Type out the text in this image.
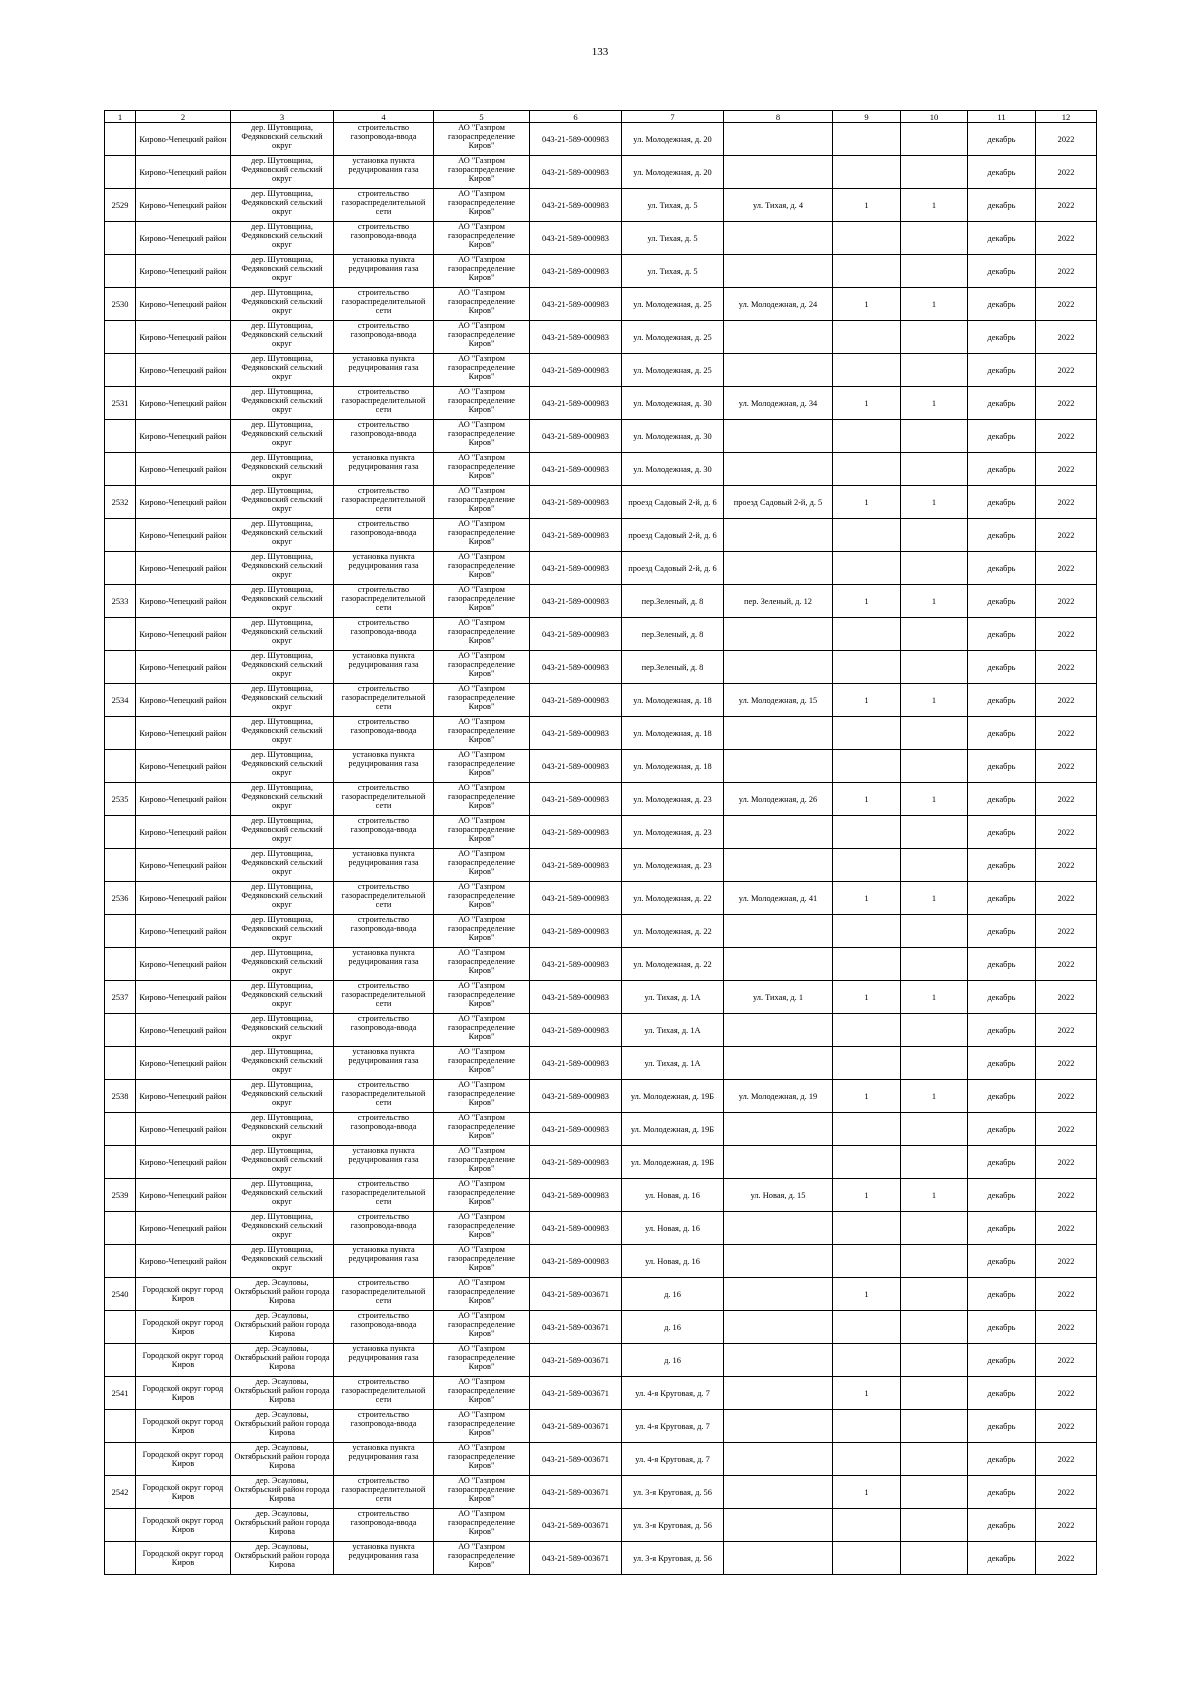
133
1	2	3	4	5	6	7	8	9	10	11	12

	Кирово-Чепецкий район	дер. Шутовщина, Федяковский сельский округ	строительство газопровода-ввода	АО "Газпром газораспределение Киров"	043-21-589-000983	ул. Молодежная, д. 20				декабрь	2022

	Кирово-Чепецкий район	дер. Шутовщина, Федяковский сельский округ	установка пункта редуцирования газа	АО "Газпром газораспределение Киров"	043-21-589-000983	ул. Молодежная, д. 20				декабрь	2022

2529	Кирово-Чепецкий район	дер. Шутовщина, Федяковский сельский округ	строительство газораспределительной сети	АО "Газпром газораспределение Киров"	043-21-589-000983	ул. Тихая, д. 5	ул. Тихая, д. 4	1	1	декабрь	2022

	Кирово-Чепецкий район	дер. Шутовщина, Федяковский сельский округ	строительство газопровода-ввода	АО "Газпром газораспределение Киров"	043-21-589-000983	ул. Тихая, д. 5				декабрь	2022

	Кирово-Чепецкий район	дер. Шутовщина, Федяковский сельский округ	установка пункта редуцирования газа	АО "Газпром газораспределение Киров"	043-21-589-000983	ул. Тихая, д. 5				декабрь	2022

2530	Кирово-Чепецкий район	дер. Шутовщина, Федяковский сельский округ	строительство газораспределительной сети	АО "Газпром газораспределение Киров"	043-21-589-000983	ул. Молодежная, д. 25	ул. Молодежная, д. 24	1	1	декабрь	2022

	Кирово-Чепецкий район	дер. Шутовщина, Федяковский сельский округ	строительство газопровода-ввода	АО "Газпром газораспределение Киров"	043-21-589-000983	ул. Молодежная, д. 25				декабрь	2022

	Кирово-Чепецкий район	дер. Шутовщина, Федяковский сельский округ	установка пункта редуцирования газа	АО "Газпром газораспределение Киров"	043-21-589-000983	ул. Молодежная, д. 25				декабрь	2022

2531	Кирово-Чепецкий район	дер. Шутовщина, Федяковский сельский округ	строительство газораспределительной сети	АО "Газпром газораспределение Киров"	043-21-589-000983	ул. Молодежная, д. 30	ул. Молодежная, д. 34	1	1	декабрь	2022

	Кирово-Чепецкий район	дер. Шутовщина, Федяковский сельский округ	строительство газопровода-ввода	АО "Газпром газораспределение Киров"	043-21-589-000983	ул. Молодежная, д. 30				декабрь	2022

	Кирово-Чепецкий район	дер. Шутовщина, Федяковский сельский округ	установка пункта редуцирования газа	АО "Газпром газораспределение Киров"	043-21-589-000983	ул. Молодежная, д. 30				декабрь	2022

2532	Кирово-Чепецкий район	дер. Шутовщина, Федяковский сельский округ	строительство газораспределительной сети	АО "Газпром газораспределение Киров"	043-21-589-000983	проезд Садовый 2-й, д. 6	проезд Садовый 2-й, д. 5	1	1	декабрь	2022

	Кирово-Чепецкий район	дер. Шутовщина, Федяковский сельский округ	строительство газопровода-ввода	АО "Газпром газораспределение Киров"	043-21-589-000983	проезд Садовый 2-й, д. 6				декабрь	2022

	Кирово-Чепецкий район	дер. Шутовщина, Федяковский сельский округ	установка пункта редуцирования газа	АО "Газпром газораспределение Киров"	043-21-589-000983	проезд Садовый 2-й, д. 6				декабрь	2022

2533	Кирово-Чепецкий район	дер. Шутовщина, Федяковский сельский округ	строительство газораспределительной сети	АО "Газпром газораспределение Киров"	043-21-589-000983	пер.Зеленый, д. 8	пер. Зеленый, д. 12	1	1	декабрь	2022

	Кирово-Чепецкий район	дер. Шутовщина, Федяковский сельский округ	строительство газопровода-ввода	АО "Газпром газораспределение Киров"	043-21-589-000983	пер.Зеленый, д. 8				декабрь	2022

	Кирово-Чепецкий район	дер. Шутовщина, Федяковский сельский округ	установка пункта редуцирования газа	АО "Газпром газораспределение Киров"	043-21-589-000983	пер.Зеленый, д. 8				декабрь	2022

2534	Кирово-Чепецкий район	дер. Шутовщина, Федяковский сельский округ	строительство газораспределительной сети	АО "Газпром газораспределение Киров"	043-21-589-000983	ул. Молодежная, д. 18	ул. Молодежная, д. 15	1	1	декабрь	2022

	Кирово-Чепецкий район	дер. Шутовщина, Федяковский сельский округ	строительство газопровода-ввода	АО "Газпром газораспределение Киров"	043-21-589-000983	ул. Молодежная, д. 18				декабрь	2022

	Кирово-Чепецкий район	дер. Шутовщина, Федяковский сельский округ	установка пункта редуцирования газа	АО "Газпром газораспределение Киров"	043-21-589-000983	ул. Молодежная, д. 18				декабрь	2022

2535	Кирово-Чепецкий район	дер. Шутовщина, Федяковский сельский округ	строительство газораспределительной сети	АО "Газпром газораспределение Киров"	043-21-589-000983	ул. Молодежная, д. 23	ул. Молодежная, д. 26	1	1	декабрь	2022

	Кирово-Чепецкий район	дер. Шутовщина, Федяковский сельский округ	строительство газопровода-ввода	АО "Газпром газораспределение Киров"	043-21-589-000983	ул. Молодежная, д. 23				декабрь	2022

	Кирово-Чепецкий район	дер. Шутовщина, Федяковский сельский округ	установка пункта редуцирования газа	АО "Газпром газораспределение Киров"	043-21-589-000983	ул. Молодежная, д. 23				декабрь	2022

2536	Кирово-Чепецкий район	дер. Шутовщина, Федяковский сельский округ	строительство газораспределительной сети	АО "Газпром газораспределение Киров"	043-21-589-000983	ул. Молодежная, д. 22	ул. Молодежная, д. 41	1	1	декабрь	2022

	Кирово-Чепецкий район	дер. Шутовщина, Федяковский сельский округ	строительство газопровода-ввода	АО "Газпром газораспределение Киров"	043-21-589-000983	ул. Молодежная, д. 22				декабрь	2022

	Кирово-Чепецкий район	дер. Шутовщина, Федяковский сельский округ	установка пункта редуцирования газа	АО "Газпром газораспределение Киров"	043-21-589-000983	ул. Молодежная, д. 22				декабрь	2022

2537	Кирово-Чепецкий район	дер. Шутовщина, Федяковский сельский округ	строительство газораспределительной сети	АО "Газпром газораспределение Киров"	043-21-589-000983	ул. Тихая, д. 1А	ул. Тихая, д. 1	1	1	декабрь	2022

	Кирово-Чепецкий район	дер. Шутовщина, Федяковский сельский округ	строительство газопровода-ввода	АО "Газпром газораспределение Киров"	043-21-589-000983	ул. Тихая, д. 1А				декабрь	2022

	Кирово-Чепецкий район	дер. Шутовщина, Федяковский сельский округ	установка пункта редуцирования газа	АО "Газпром газораспределение Киров"	043-21-589-000983	ул. Тихая, д. 1А				декабрь	2022

2538	Кирово-Чепецкий район	дер. Шутовщина, Федяковский сельский округ	строительство газораспределительной сети	АО "Газпром газораспределение Киров"	043-21-589-000983	ул. Молодежная, д. 19Б	ул. Молодежная, д. 19	1	1	декабрь	2022

	Кирово-Чепецкий район	дер. Шутовщина, Федяковский сельский округ	строительство газопровода-ввода	АО "Газпром газораспределение Киров"	043-21-589-000983	ул. Молодежная, д. 19Б				декабрь	2022

	Кирово-Чепецкий район	дер. Шутовщина, Федяковский сельский округ	установка пункта редуцирования газа	АО "Газпром газораспределение Киров"	043-21-589-000983	ул. Молодежная, д. 19Б				декабрь	2022

2539	Кирово-Чепецкий район	дер. Шутовщина, Федяковский сельский округ	строительство газораспределительной сети	АО "Газпром газораспределение Киров"	043-21-589-000983	ул. Новая, д. 16	ул. Новая, д. 15	1	1	декабрь	2022

	Кирово-Чепецкий район	дер. Шутовщина, Федяковский сельский округ	строительство газопровода-ввода	АО "Газпром газораспределение Киров"	043-21-589-000983	ул. Новая, д. 16				декабрь	2022

	Кирово-Чепецкий район	дер. Шутовщина, Федяковский сельский округ	установка пункта редуцирования газа	АО "Газпром газораспределение Киров"	043-21-589-000983	ул. Новая, д. 16				декабрь	2022

2540	Городской округ город Киров	дер. Эсауловы, Октябрьский район города Кирова	строительство газораспределительной сети	АО "Газпром газораспределение Киров"	043-21-589-003671	д. 16		1		декабрь	2022

	Городской округ город Киров	дер. Эсауловы, Октябрьский район города Кирова	строительство газопровода-ввода	АО "Газпром газораспределение Киров"	043-21-589-003671	д. 16				декабрь	2022

	Городской округ город Киров	дер. Эсауловы, Октябрьский район города Кирова	установка пункта редуцирования газа	АО "Газпром газораспределение Киров"	043-21-589-003671	д. 16				декабрь	2022

2541	Городской округ город Киров	дер. Эсауловы, Октябрьский район города Кирова	строительство газораспределительной сети	АО "Газпром газораспределение Киров"	043-21-589-003671	ул. 4-я Круговая, д. 7		1		декабрь	2022

	Городской округ город Киров	дер. Эсауловы, Октябрьский район города Кирова	строительство газопровода-ввода	АО "Газпром газораспределение Киров"	043-21-589-003671	ул. 4-я Круговая, д. 7				декабрь	2022

	Городской округ город Киров	дер. Эсауловы, Октябрьский район города Кирова	установка пункта редуцирования газа	АО "Газпром газораспределение Киров"	043-21-589-003671	ул. 4-я Круговая, д. 7				декабрь	2022

2542	Городской округ город Киров	дер. Эсауловы, Октябрьский район города Кирова	строительство газораспределительной сети	АО "Газпром газораспределение Киров"	043-21-589-003671	ул. 3-я Круговая, д. 56		1		декабрь	2022

	Городской округ город Киров	дер. Эсауловы, Октябрьский район города Кирова	строительство газопровода-ввода	АО "Газпром газораспределение Киров"	043-21-589-003671	ул. 3-я Круговая, д. 56				декабрь	2022

	Городской округ город Киров	дер. Эсауловы, Октябрьский район города Кирова	установка пункта редуцирования газа	АО "Газпром газораспределение Киров"	043-21-589-003671	ул. 3-я Круговая, д. 56				декабрь	2022
